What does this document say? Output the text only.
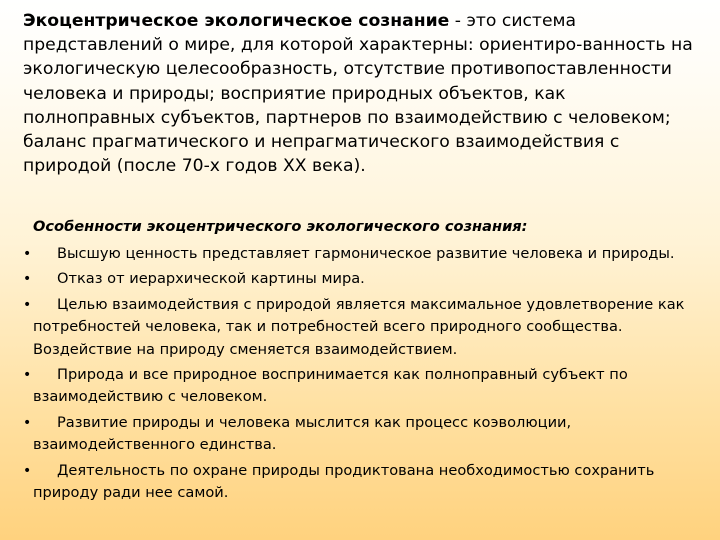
Экоцентрическое экологическое сознание - это система представлений о мире, для которой характерны: ориентиро-ванность на экологическую целесообразность, отсутствие противопоставленности человека и природы; восприятие природных объектов, как полноправных субъектов, партнеров по взаимодействию с человеком; баланс прагматического и непрагматического взаимодействия с природой (после 70-х годов XX века).

Особенности экоцентрического экологического сознания:

•	Высшую ценность представляет гармоническое развитие человека и природы.
•	Отказ от иерархической картины мира.
•	Целью взаимодействия с природой является максимальное удовлетворение как потребностей человека, так и потребностей всего природного сообщества. Воздействие на природу сменяется взаимодействием.
•	Природа и все природное воспринимается как полноправный субъект по взаимодействию с человеком.
•	Развитие природы и человека мыслится как процесс коэволюции, взаимодейственного единства.
•	Деятельность по охране природы продиктована необходимостью сохранить природу ради нее самой.
